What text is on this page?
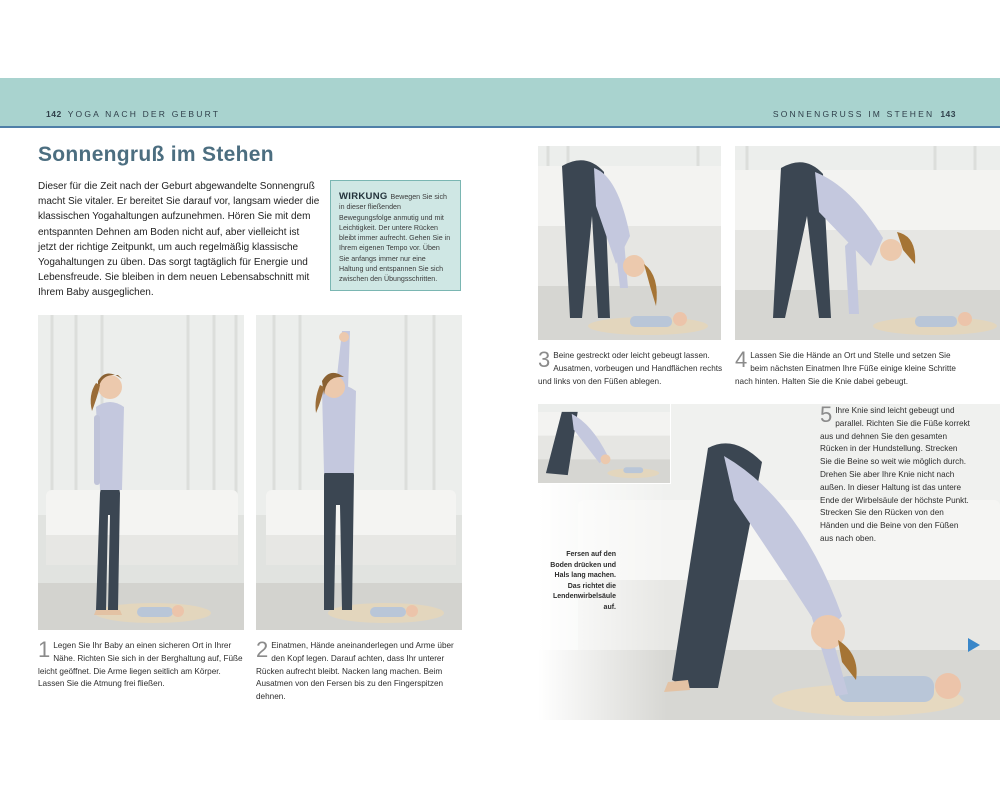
142 YOGA NACH DER GEBURT	SONNENGRUSS IM STEHEN 143
Sonnengruß im Stehen

Dieser für die Zeit nach der Geburt abgewandelte Sonnengruß macht Sie vitaler. Er bereitet Sie darauf vor, langsam wieder die klassischen Yogahaltungen aufzunehmen. Hören Sie mit dem entspannten Dehnen am Boden nicht auf, aber vielleicht ist jetzt der richtige Zeitpunkt, um auch regelmäßig klassische Yogahaltungen zu üben. Das sorgt tagtäglich für Energie und Lebensfreude. Sie bleiben in dem neuen Lebensabschnitt mit Ihrem Baby ausgeglichen.

WIRKUNG Bewegen Sie sich in dieser fließenden Bewegungsfolge anmutig und mit Leichtigkeit. Der untere Rücken bleibt immer aufrecht. Gehen Sie in Ihrem eigenen Tempo vor. Üben Sie anfangs immer nur eine Haltung und entspannen Sie sich zwischen den Übungsschritten.
1 Legen Sie Ihr Baby an einen sicheren Ort in Ihrer Nähe. Richten Sie sich in der Berghaltung auf, Füße leicht geöffnet. Die Arme liegen seitlich am Körper. Lassen Sie die Atmung frei fließen.
2 Einatmen, Hände aneinanderlegen und Arme über den Kopf legen. Darauf achten, dass Ihr unterer Rücken aufrecht bleibt. Nacken lang machen. Beim Ausatmen von den Fersen bis zu den Fingerspitzen dehnen.
3 Beine gestreckt oder leicht gebeugt lassen. Ausatmen, vorbeugen und Handflächen rechts und links von den Füßen ablegen.
4 Lassen Sie die Hände an Ort und Stelle und setzen Sie beim nächsten Einatmen Ihre Füße einige kleine Schritte nach hinten. Halten Sie die Knie dabei gebeugt.
5 Ihre Knie sind leicht gebeugt und parallel. Richten Sie die Füße korrekt aus und dehnen Sie den gesamten Rücken in der Hundstellung. Strecken Sie die Beine so weit wie möglich durch. Drehen Sie aber Ihre Knie nicht nach außen. In dieser Haltung ist das untere Ende der Wirbelsäule der höchste Punkt. Strecken Sie den Rücken von den Händen und die Beine von den Füßen aus nach oben.
Fersen auf den Boden drücken und Hals lang machen. Das richtet die Lendenwirbelsäule auf.
